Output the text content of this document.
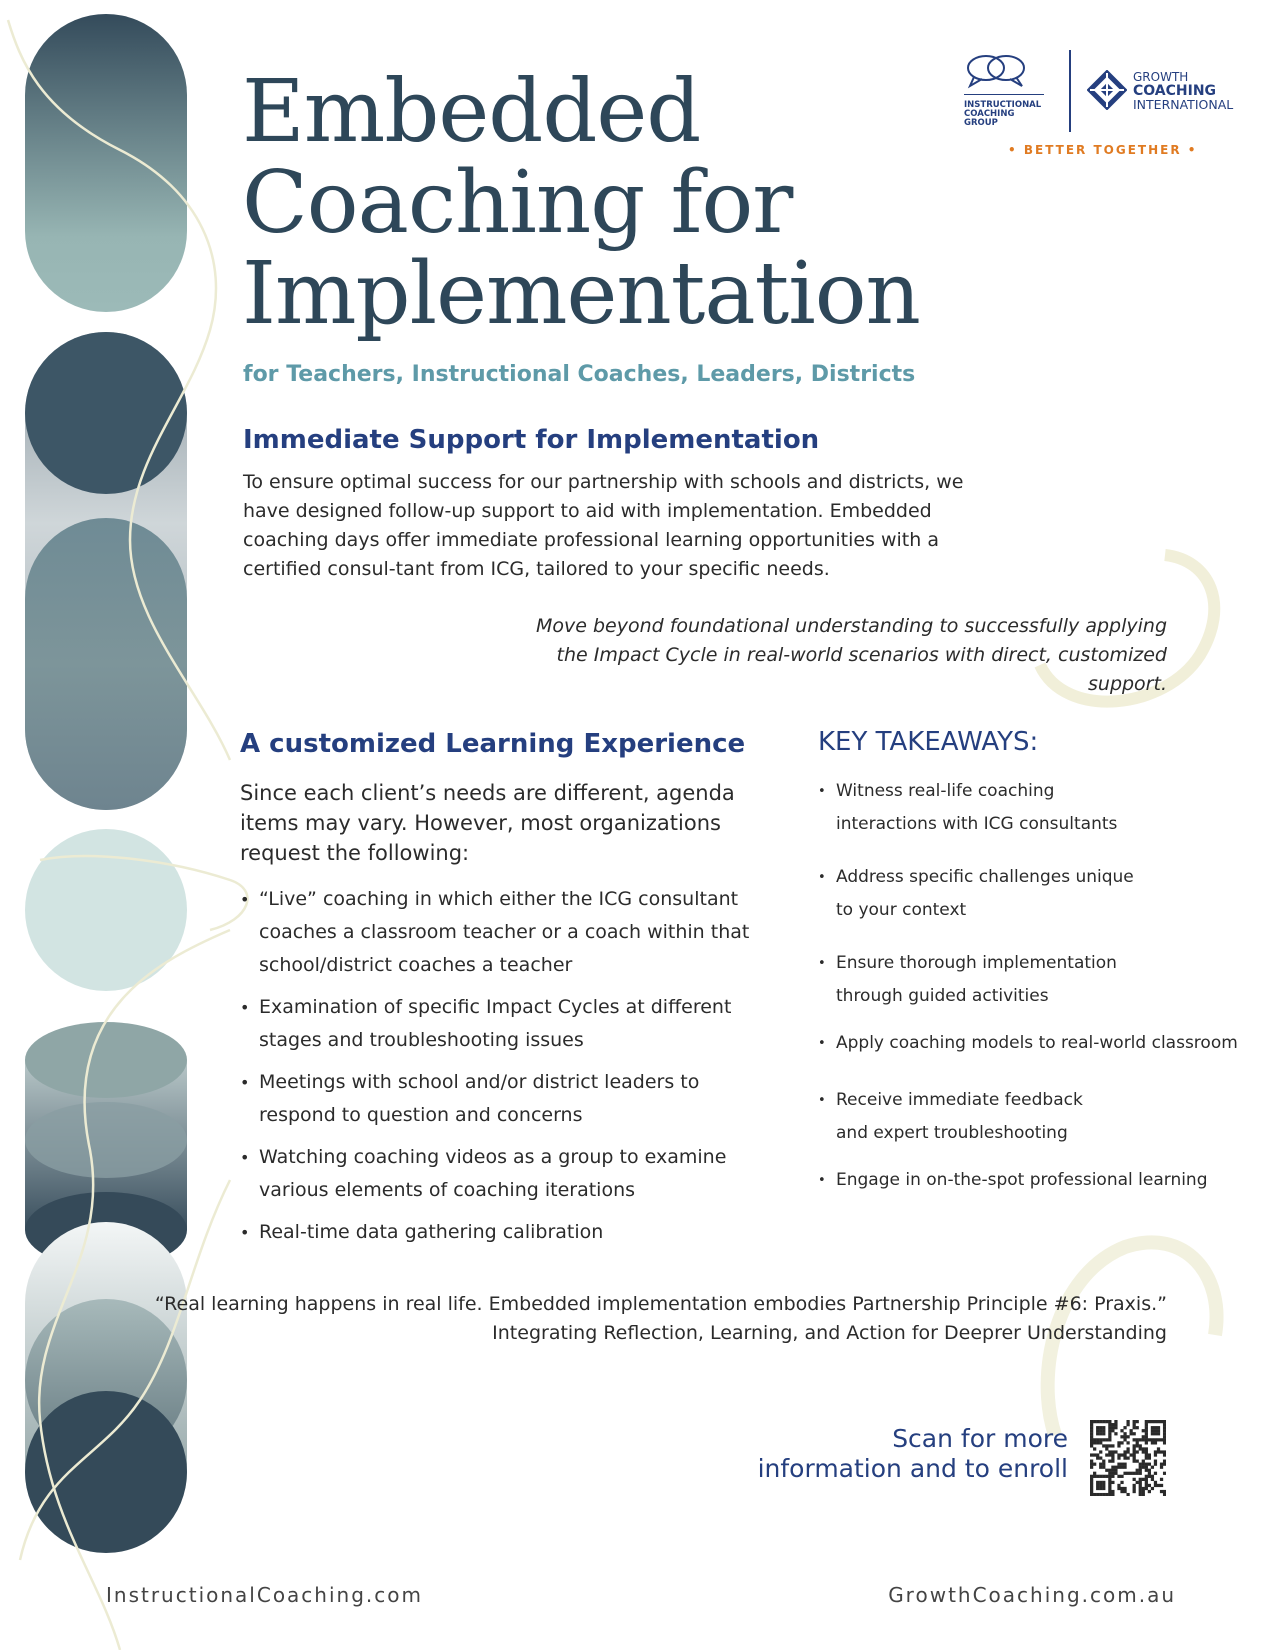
Embedded
Coaching for
Implementation
INSTRUCTIONAL
COACHING
GROUP
GROWTH
COACHING
INTERNATIONAL
• BETTER TOGETHER •
for Teachers, Instructional Coaches, Leaders, Districts
Immediate Support for Implementation
To ensure optimal success for our partnership with schools and districts, we have designed follow-up support to aid with implementation. Embedded coaching days offer immediate professional learning opportunities with a certified consul-tant from ICG, tailored to your specific needs.
Move beyond foundational understanding to successfully applying the Impact Cycle in real-world scenarios with direct, customized support.
A customized Learning Experience
Since each client’s needs are different, agenda items may vary. However, most organizations request the following:
• “Live” coaching in which either the ICG consultant coaches a classroom teacher or a coach within that school/district coaches a teacher
• Examination of specific Impact Cycles at different stages and troubleshooting issues
• Meetings with school and/or district leaders to respond to question and concerns
• Watching coaching videos as a group to examine various elements of coaching iterations
• Real-time data gathering calibration
KEY TAKEAWAYS:
• Witness real-life coaching interactions with ICG consultants
• Address specific challenges unique to your context
• Ensure thorough implementation through guided activities
• Apply coaching models to real-world classroom
• Receive immediate feedback and expert troubleshooting
• Engage in on-the-spot professional learning
“Real learning happens in real life. Embedded implementation embodies Partnership Principle #6: Praxis.”
Integrating Reflection, Learning, and Action for Deeprer Understanding
Scan for more
information and to enroll
InstructionalCoaching.com	GrowthCoaching.com.au
